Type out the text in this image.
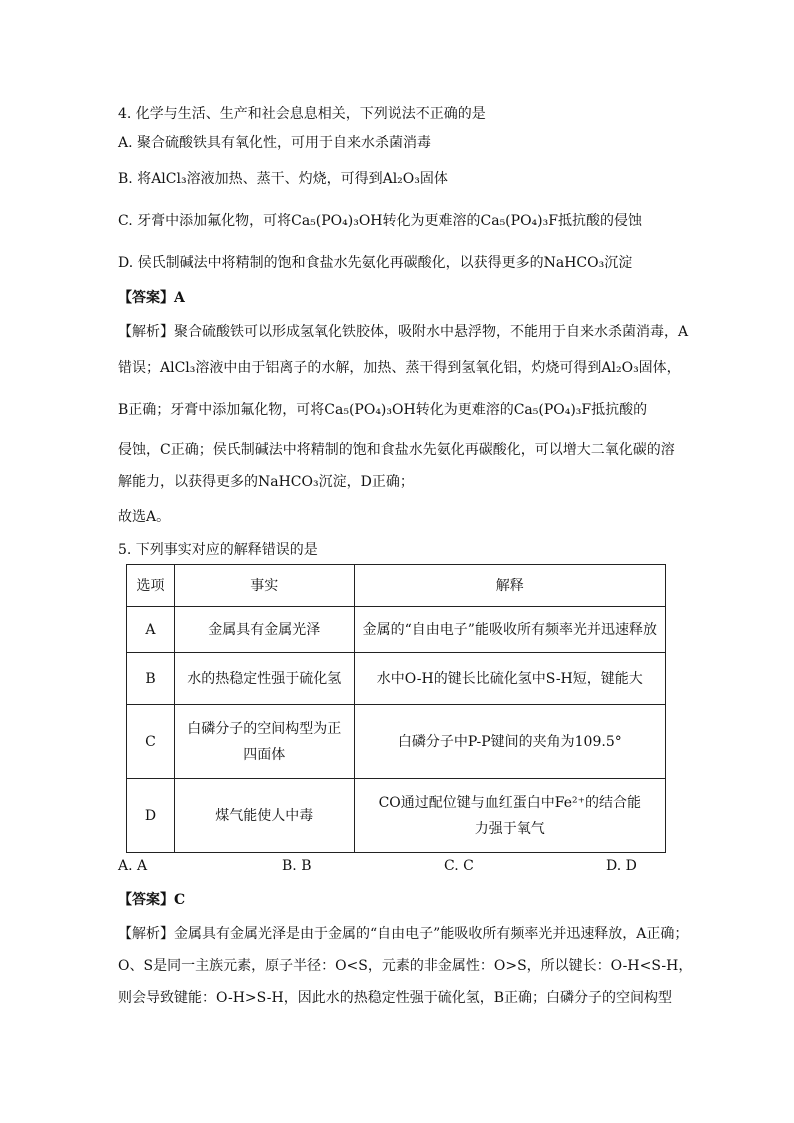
4. 化学与生活、生产和社会息息相关，下列说法不正确的是
A. 聚合硫酸铁具有氧化性，可用于自来水杀菌消毒
B. 将AlCl₃溶液加热、蒸干、灼烧，可得到Al₂O₃固体
C. 牙膏中添加氟化物，可将Ca₅(PO₄)₃OH转化为更难溶的Ca₅(PO₄)₃F抵抗酸的侵蚀
D. 侯氏制碱法中将精制的饱和食盐水先氨化再碳酸化，以获得更多的NaHCO₃沉淀
【答案】A
【解析】聚合硫酸铁可以形成氢氧化铁胶体，吸附水中悬浮物，不能用于自来水杀菌消毒，A
错误；AlCl₃溶液中由于铝离子的水解，加热、蒸干得到氢氧化铝，灼烧可得到Al₂O₃固体，
B正确；牙膏中添加氟化物，可将Ca₅(PO₄)₃OH转化为更难溶的Ca₅(PO₄)₃F抵抗酸的
侵蚀，C正确；侯氏制碱法中将精制的饱和食盐水先氨化再碳酸化，可以增大二氧化碳的溶
解能力，以获得更多的NaHCO₃沉淀，D正确；
故选A。
5. 下列事实对应的解释错误的是
选项	事实	解释
A	金属具有金属光泽	金属的“自由电子”能吸收所有频率光并迅速释放
B	水的热稳定性强于硫化氢	水中O-H的键长比硫化氢中S-H短，键能大
C	白磷分子的空间构型为正四面体	白磷分子中P-P键间的夹角为109.5°
D	煤气能使人中毒	CO通过配位键与血红蛋白中Fe²⁺的结合能力强于氧气
A. A	B. B	C. C	D. D
【答案】C
【解析】金属具有金属光泽是由于金属的“自由电子”能吸收所有频率光并迅速释放，A正确；
O、S是同一主族元素，原子半径：O<S，元素的非金属性：O>S，所以键长：O-H<S-H，
则会导致键能：O-H>S-H，因此水的热稳定性强于硫化氢，B正确；白磷分子的空间构型
